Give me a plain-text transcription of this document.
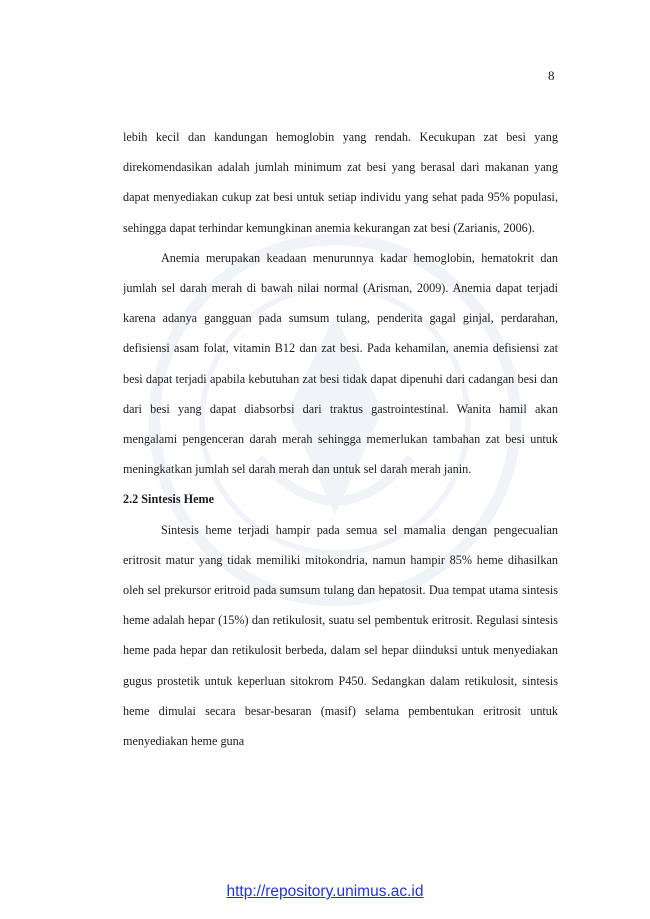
8

lebih kecil dan kandungan hemoglobin yang rendah. Kecukupan zat besi yang direkomendasikan adalah jumlah minimum zat besi yang berasal dari makanan yang dapat menyediakan cukup zat besi untuk setiap individu yang sehat pada 95% populasi, sehingga dapat terhindar kemungkinan anemia kekurangan zat besi (Zarianis, 2006).

Anemia merupakan keadaan menurunnya kadar hemoglobin, hematokrit dan jumlah sel darah merah di bawah nilai normal (Arisman, 2009). Anemia dapat terjadi karena adanya gangguan pada sumsum tulang, penderita gagal ginjal, perdarahan, defisiensi asam folat, vitamin B12 dan zat besi. Pada kehamilan, anemia defisiensi zat besi dapat terjadi apabila kebutuhan zat besi tidak dapat dipenuhi dari cadangan besi dan dari besi yang dapat diabsorbsi dari traktus gastrointestinal. Wanita hamil akan mengalami pengenceran darah merah sehingga memerlukan tambahan zat besi untuk meningkatkan jumlah sel darah merah dan untuk sel darah merah janin.

2.2 Sintesis Heme

Sintesis heme terjadi hampir pada semua sel mamalia dengan pengecualian eritrosit matur yang tidak memiliki mitokondria, namun hampir 85% heme dihasilkan oleh sel prekursor eritroid pada sumsum tulang dan hepatosit. Dua tempat utama sintesis heme adalah hepar (15%) dan retikulosit, suatu sel pembentuk eritrosit. Regulasi sintesis heme pada hepar dan retikulosit berbeda, dalam sel hepar diinduksi untuk menyediakan gugus prostetik untuk keperluan sitokrom P450. Sedangkan dalam retikulosit, sintesis heme dimulai secara besar-besaran (masif) selama pembentukan eritrosit untuk menyediakan heme guna

http://repository.unimus.ac.id
